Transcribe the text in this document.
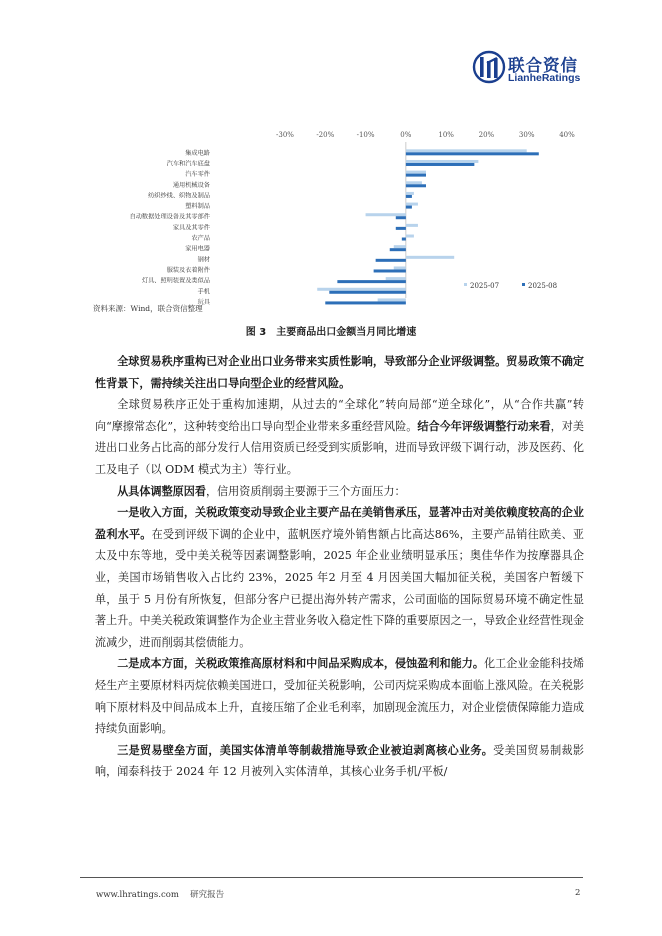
联合资信
LianheRatings
-30%	-20%	-10%	0%	10%	20%	30%	40%
集成电路
汽车和汽车底盘
汽车零件
通用机械设备
纺织纱线、织物及制品
塑料制品
自动数据处理设备及其零部件
家具及其零件
农产品
家用电器
钢材
服装及衣着附件
灯具、照明装置及类似品
手机
玩具
2025-07	2025-08
资料来源：Wind，联合资信整理
图 3　主要商品出口金额当月同比增速

全球贸易秩序重构已对企业出口业务带来实质性影响，导致部分企业评级调整。贸易政策不确定性背景下，需持续关注出口导向型企业的经营风险。

全球贸易秩序正处于重构加速期，从过去的“全球化”转向局部“逆全球化”，从“合作共赢”转向“摩擦常态化”，这种转变给出口导向型企业带来多重经营风险。结合今年评级调整行动来看，对美进出口业务占比高的部分发行人信用资质已经受到实质影响，进而导致评级下调行动，涉及医药、化工及电子（以 ODM 模式为主）等行业。

从具体调整原因看，信用资质削弱主要源于三个方面压力：

一是收入方面，关税政策变动导致企业主要产品在美销售承压，显著冲击对美依赖度较高的企业盈利水平。在受到评级下调的企业中，蓝帆医疗境外销售额占比高达86%，主要产品销往欧美、亚太及中东等地，受中美关税等因素调整影响，2025 年企业业绩明显承压；奥佳华作为按摩器具企业，美国市场销售收入占比约 23%，2025 年2 月至 4 月因美国大幅加征关税，美国客户暂缓下单，虽于 5 月份有所恢复，但部分客户已提出海外转产需求，公司面临的国际贸易环境不确定性显著上升。中美关税政策调整作为企业主营业务收入稳定性下降的重要原因之一，导致企业经营性现金流减少，进而削弱其偿债能力。

二是成本方面，关税政策推高原材料和中间品采购成本，侵蚀盈利和能力。化工企业金能科技烯烃生产主要原材料丙烷依赖美国进口，受加征关税影响，公司丙烷采购成本面临上涨风险。在关税影响下原材料及中间品成本上升，直接压缩了企业毛利率，加剧现金流压力，对企业偿债保障能力造成持续负面影响。

三是贸易壁垒方面，美国实体清单等制裁措施导致企业被迫剥离核心业务。受美国贸易制裁影响，闻泰科技于 2024 年 12 月被列入实体清单，其核心业务手机/平板/

www.lhratings.com　 研究报告	2
